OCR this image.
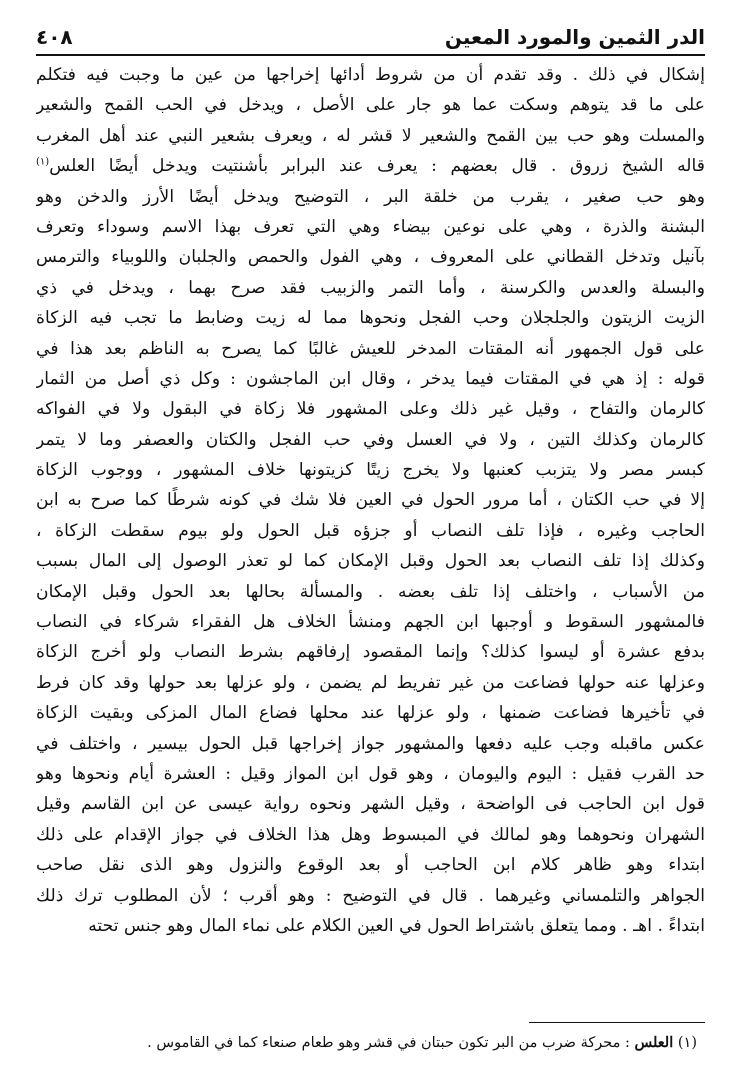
الدر الثمين والمورد المعين
٤٠٨
إشكال في ذلك . وقد تقدم أن من شروط أدائها إخراجها من عين ما وجبت فيه فتكلم
على ما قد يتوهم وسكت عما هو جار على الأصل ، ويدخل في الحب القمح والشعير
والمسلت وهو حب بين القمح والشعير لا قشر له ، ويعرف بشعير النبي عند أهل المغرب
قاله الشيخ زروق . قال بعضهم : يعرف عند البرابر بأشنتيت ويدخل أيضًا العلس$^{(١)}$
وهو حب صغير ، يقرب من خلقة البر ، التوضيح ويدخل أيضًا الأرز والدخن وهو
البشنة والذرة ، وهي على نوعين بيضاء وهي التي تعرف بهذا الاسم وسوداء وتعرف
بآنيل وتدخل القطاني على المعروف ، وهي الفول والحمص والجلبان واللوبياء والترمس
والبسلة والعدس والكرسنة ، وأما التمر والزبيب فقد صرح بهما ، ويدخل في ذي
الزيت الزيتون والجلجلان وحب الفجل ونحوها مما له زيت وضابط ما تجب فيه الزكاة
على قول الجمهور أنه المقتات المدخر للعيش غالبًا كما يصرح به الناظم بعد هذا في
قوله : إذ هي في المقتات فيما يدخر ، وقال ابن الماجشون : وكل ذي أصل من الثمار
كالرمان والتفاح ، وقيل غير ذلك وعلى المشهور فلا زكاة في البقول ولا في الفواكه
كالرمان وكذلك التين ، ولا في العسل وفي حب الفجل والكتان والعصفر وما لا يتمر
كبسر مصر ولا يتزبب كعنبها ولا يخرج زيتًا كزيتونها خلاف المشهور ، ووجوب الزكاة
إلا في حب الكتان ، أما مرور الحول في العين فلا شك في كونه شرطًا كما صرح به ابن
الحاجب وغيره ، فإذا تلف النصاب أو جزؤه قبل الحول ولو بيوم سقطت الزكاة ،
وكذلك إذا تلف النصاب بعد الحول وقبل الإمكان كما لو تعذر الوصول إلى المال بسبب
من الأسباب ، واختلف إذا تلف بعضه . والمسألة بحالها بعد الحول وقبل الإمكان
فالمشهور السقوط و أوجبها ابن الجهم ومنشأ الخلاف هل الفقراء شركاء في النصاب
بدفع عشرة أو ليسوا كذلك؟ وإنما المقصود إرفاقهم بشرط النصاب ولو أخرج الزكاة
وعزلها عنه حولها فضاعت من غير تفريط لم يضمن ، ولو عزلها بعد حولها وقد كان فرط
في تأخيرها فضاعت ضمنها ، ولو عزلها عند محلها فضاع المال المزكى وبقيت الزكاة
عكس ماقبله وجب عليه دفعها والمشهور جواز إخراجها قبل الحول بيسير ، واختلف في
حد القرب فقيل : اليوم واليومان ، وهو قول ابن المواز وقيل : العشرة أيام ونحوها وهو
قول ابن الحاجب فى الواضحة ، وقيل الشهر ونحوه رواية عيسى عن ابن القاسم وقيل
الشهران ونحوهما وهو لمالك في المبسوط وهل هذا الخلاف في جواز الإقدام على ذلك
ابتداء وهو ظاهر كلام ابن الحاجب أو بعد الوقوع والنزول وهو الذى نقل صاحب
الجواهر والتلمساني وغيرهما . قال في التوضيح : وهو أقرب ؛ لأن المطلوب ترك ذلك
ابتداءً . اهـ . ومما يتعلق باشتراط الحول في العين الكلام على نماء المال وهو جنس تحته
(١) العلس : محركة ضرب من البر تكون حبتان في قشر وهو طعام صنعاء كما في القاموس .
